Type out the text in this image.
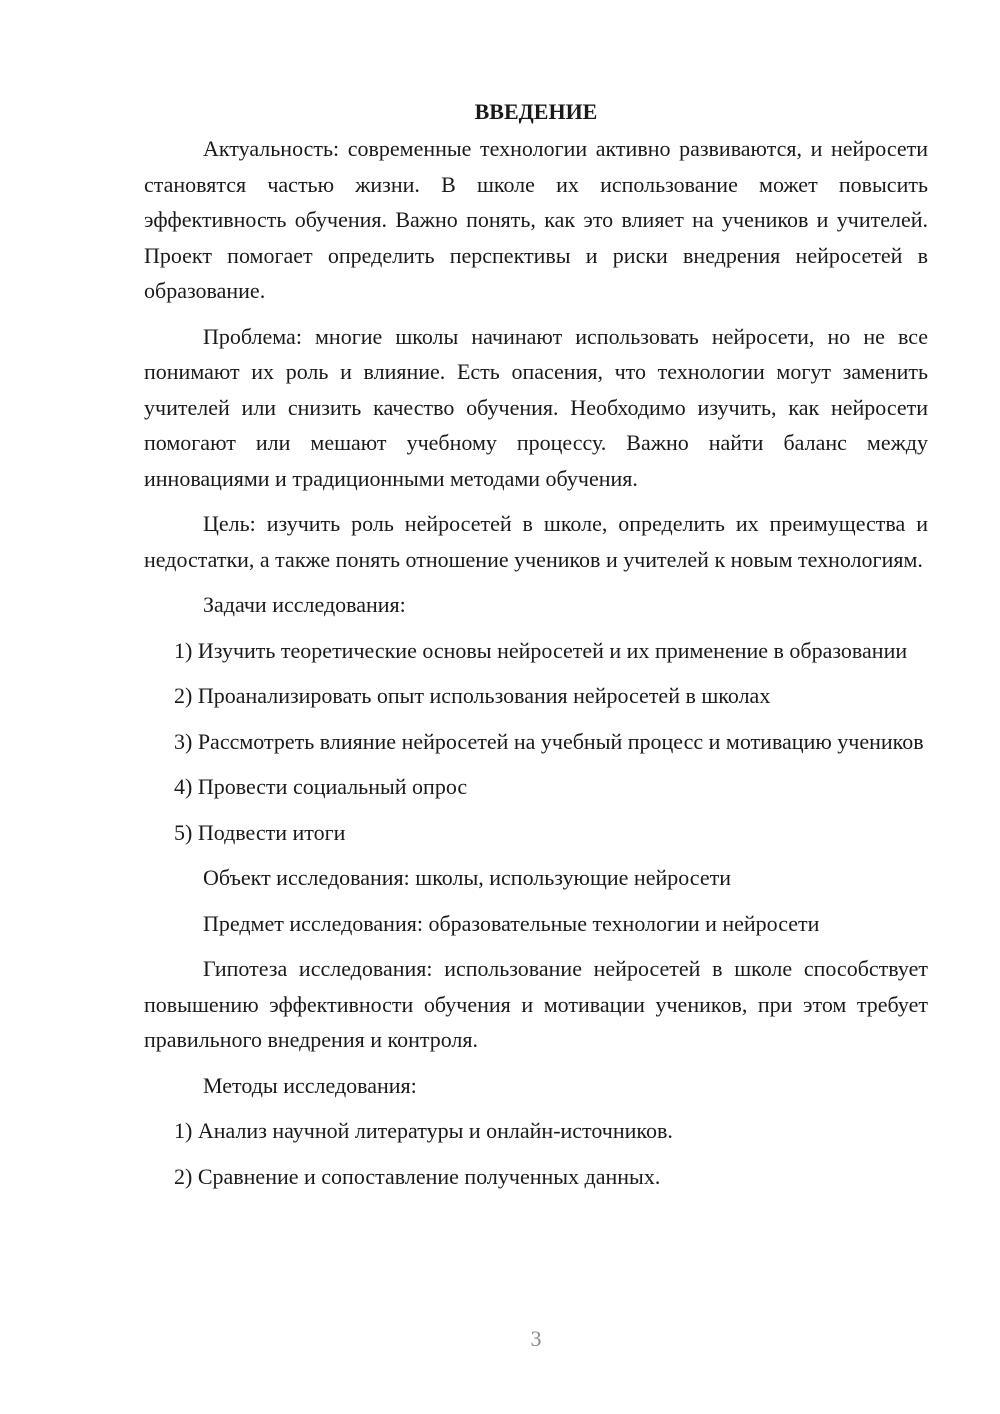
ВВЕДЕНИЕ

Актуальность: современные технологии активно развиваются, и нейросети становятся частью жизни. В школе их использование может повысить эффективность обучения. Важно понять, как это влияет на учеников и учителей. Проект помогает определить перспективы и риски внедрения нейросетей в образование.

Проблема: многие школы начинают использовать нейросети, но не все понимают их роль и влияние. Есть опасения, что технологии могут заменить учителей или снизить качество обучения. Необходимо изучить, как нейросети помогают или мешают учебному процессу. Важно найти баланс между инновациями и традиционными методами обучения.

Цель: изучить роль нейросетей в школе, определить их преимущества и недостатки, а также понять отношение учеников и учителей к новым технологиям.

Задачи исследования:

1) Изучить теоретические основы нейросетей и их применение в образовании

2) Проанализировать опыт использования нейросетей в школах

3) Рассмотреть влияние нейросетей на учебный процесс и мотивацию учеников

4) Провести социальный опрос

5) Подвести итоги

Объект исследования: школы, использующие нейросети

Предмет исследования: образовательные технологии и нейросети

Гипотеза исследования: использование нейросетей в школе способствует повышению эффективности обучения и мотивации учеников, при этом требует правильного внедрения и контроля.

Методы исследования:

1) Анализ научной литературы и онлайн-источников.

2) Сравнение и сопоставление полученных данных.

3
